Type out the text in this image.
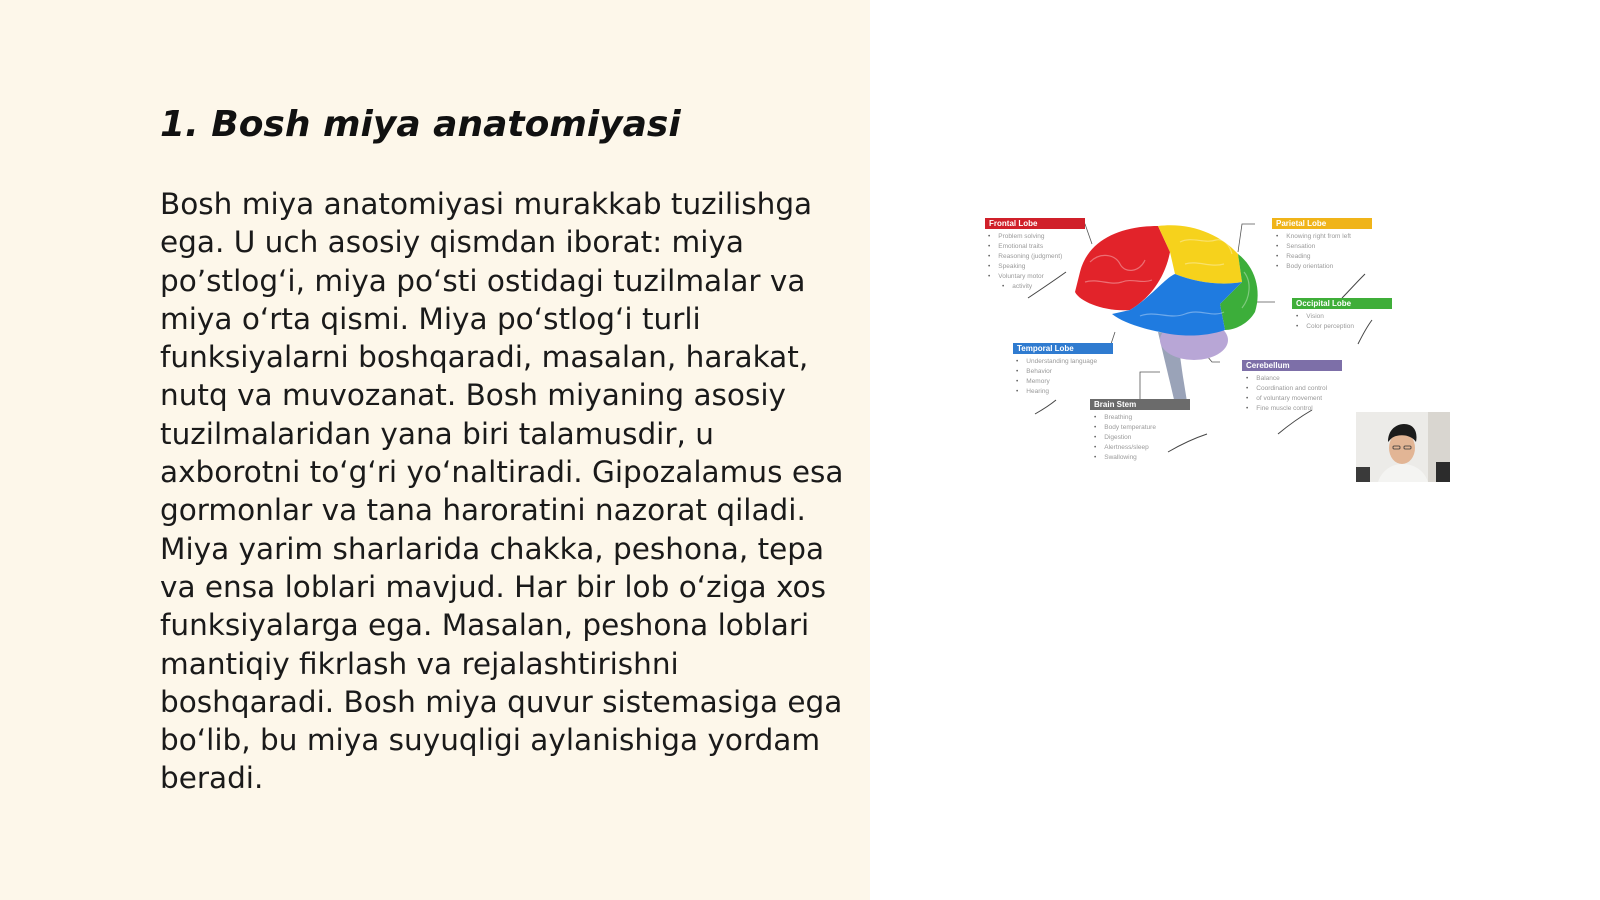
1. Bosh miya anatomiyasi

Bosh miya anatomiyasi murakkab tuzilishga ega. U uch asosiy qismdan iborat: miya po’stlog‘i, miya po‘sti ostidagi tuzilmalar va miya o‘rta qismi. Miya po‘stlog‘i turli funksiyalarni boshqaradi, masalan, harakat, nutq va muvozanat. Bosh miyaning asosiy tuzilmalaridan yana biri talamusdir, u axborotni to‘g‘ri yo‘naltiradi. Gipozalamus esa gormonlar va tana haroratini nazorat qiladi. Miya yarim sharlarida chakka, peshona, tepa va ensa loblari mavjud. Har bir lob o‘ziga xos funksiyalarga ega. Masalan, peshona loblari mantiqiy fikrlash va rejalashtirishni boshqaradi. Bosh miya quvur sistemasiga ega bo‘lib, bu miya suyuqligi aylanishiga yordam beradi.

Frontal Lobe
• Problem solving
• Emotional traits
• Reasoning (judgment)
• Speaking
• Voluntary motor
• activity
Parietal Lobe
• Knowing right from left
• Sensation
• Reading
• Body orientation
Occipital Lobe
• Vision
• Color perception
Temporal Lobe
• Understanding language
• Behavior
• Memory
• Hearing
Cerebellum
• Balance
• Coordination and control
• of voluntary movement
• Fine muscle control
Brain Stem
• Breathing
• Body temperature
• Digestion
• Alertness/sleep
• Swallowing
